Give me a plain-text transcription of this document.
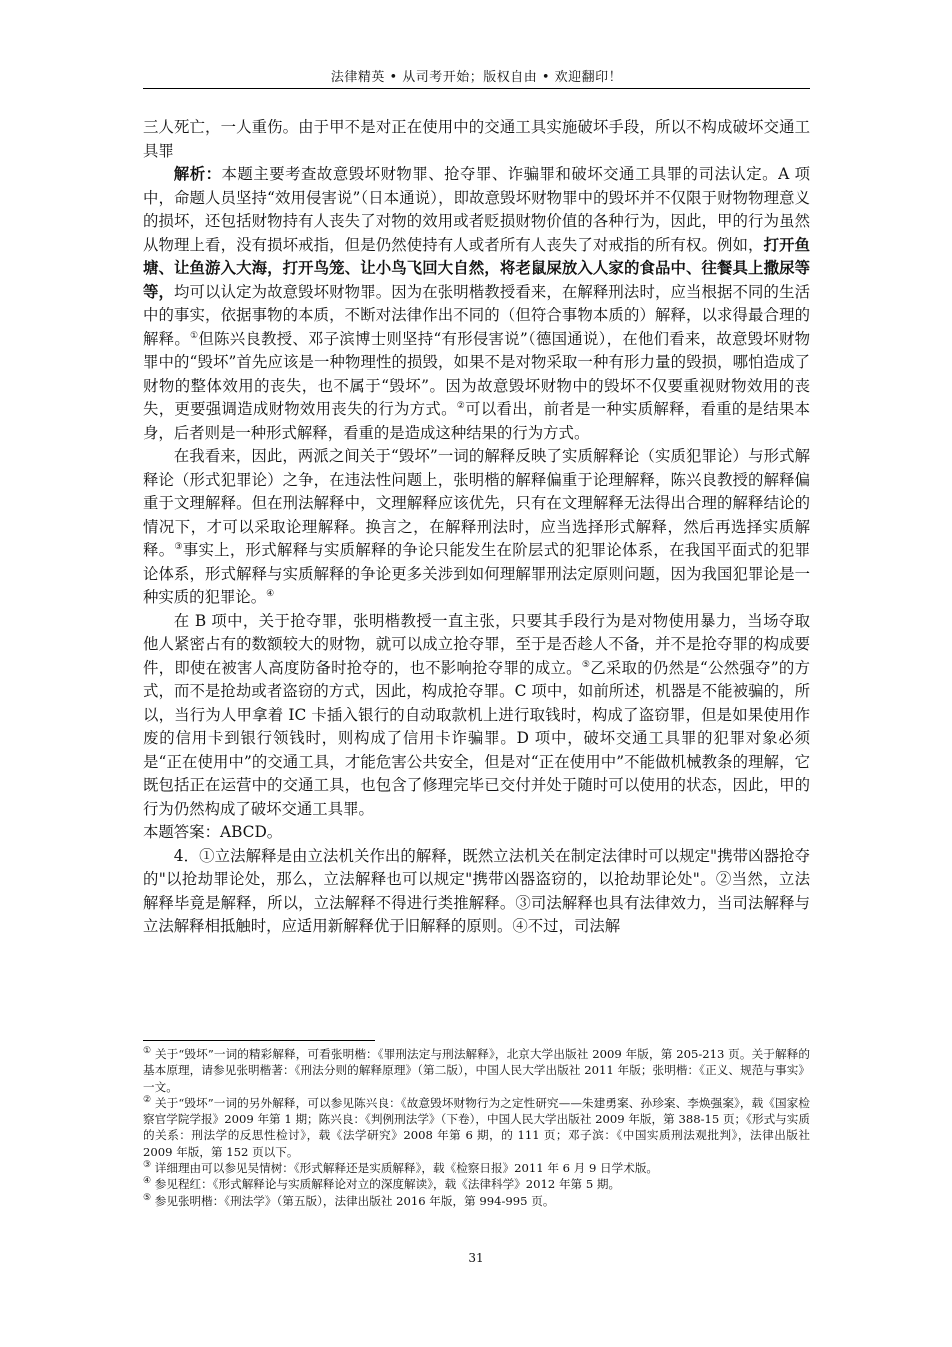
法律精英 • 从司考开始；版权自由 • 欢迎翻印！

三人死亡，一人重伤。由于甲不是对正在使用中的交通工具实施破坏手段，所以不构成破坏交通工具罪

解析：本题主要考查故意毁坏财物罪、抢夺罪、诈骗罪和破坏交通工具罪的司法认定。A 项中，命题人员坚持“效用侵害说”（日本通说），即故意毁坏财物罪中的毁坏并不仅限于财物物理意义的损坏，还包括财物持有人丧失了对物的效用或者贬损财物价值的各种行为，因此，甲的行为虽然从物理上看，没有损坏戒指，但是仍然使持有人或者所有人丧失了对戒指的所有权。例如，打开鱼塘、让鱼游入大海，打开鸟笼、让小鸟飞回大自然，将老鼠屎放入人家的食品中、往餐具上撒尿等等，均可以认定为故意毁坏财物罪。因为在张明楷教授看来，在解释刑法时，应当根据不同的生活中的事实，依据事物的本质，不断对法律作出不同的（但符合事物本质的）解释，以求得最合理的解释。①但陈兴良教授、邓子滨博士则坚持“有形侵害说”（德国通说），在他们看来，故意毁坏财物罪中的“毁坏”首先应该是一种物理性的损毁，如果不是对物采取一种有形力量的毁损，哪怕造成了财物的整体效用的丧失，也不属于“毁坏”。因为故意毁坏财物中的毁坏不仅要重视财物效用的丧失，更要强调造成财物效用丧失的行为方式。②可以看出，前者是一种实质解释，看重的是结果本身，后者则是一种形式解释，看重的是造成这种结果的行为方式。

在我看来，因此，两派之间关于“毁坏”一词的解释反映了实质解释论（实质犯罪论）与形式解释论（形式犯罪论）之争，在违法性问题上，张明楷的解释偏重于论理解释，陈兴良教授的解释偏重于文理解释。但在刑法解释中，文理解释应该优先，只有在文理解释无法得出合理的解释结论的情况下，才可以采取论理解释。换言之，在解释刑法时，应当选择形式解释，然后再选择实质解释。③事实上，形式解释与实质解释的争论只能发生在阶层式的犯罪论体系，在我国平面式的犯罪论体系，形式解释与实质解释的争论更多关涉到如何理解罪刑法定原则问题，因为我国犯罪论是一种实质的犯罪论。④

在 B 项中，关于抢夺罪，张明楷教授一直主张，只要其手段行为是对物使用暴力，当场夺取他人紧密占有的数额较大的财物，就可以成立抢夺罪，至于是否趁人不备，并不是抢夺罪的构成要件，即使在被害人高度防备时抢夺的，也不影响抢夺罪的成立。⑤乙采取的仍然是“公然强夺”的方式，而不是抢劫或者盗窃的方式，因此，构成抢夺罪。C 项中，如前所述，机器是不能被骗的，所以，当行为人甲拿着 IC 卡插入银行的自动取款机上进行取钱时，构成了盗窃罪，但是如果使用作废的信用卡到银行领钱时，则构成了信用卡诈骗罪。D 项中，破坏交通工具罪的犯罪对象必须是“正在使用中”的交通工具，才能危害公共安全，但是对“正在使用中”不能做机械教条的理解，它既包括正在运营中的交通工具，也包含了修理完毕已交付并处于随时可以使用的状态，因此，甲的行为仍然构成了破坏交通工具罪。

本题答案：ABCD。

4．①立法解释是由立法机关作出的解释，既然立法机关在制定法律时可以规定"携带凶器抢夺的"以抢劫罪论处，那么，立法解释也可以规定"携带凶器盗窃的，以抢劫罪论处"。②当然，立法解释毕竟是解释，所以，立法解释不得进行类推解释。③司法解释也具有法律效力，当司法解释与立法解释相抵触时，应适用新解释优于旧解释的原则。④不过，司法解

① 关于“毁坏”一词的精彩解释，可看张明楷：《罪刑法定与刑法解释》，北京大学出版社 2009 年版，第 205-213 页。关于解释的基本原理，请参见张明楷著：《刑法分则的解释原理》（第二版），中国人民大学出版社 2011 年版；张明楷：《正义、规范与事实》一文。

② 关于“毁坏”一词的另外解释，可以参见陈兴良：《故意毁坏财物行为之定性研究——朱建勇案、孙珍案、李焕强案》，载《国家检察官学院学报》2009 年第 1 期；陈兴良：《判例刑法学》（下卷），中国人民大学出版社 2009 年版，第 388-15 页；《形式与实质的关系：刑法学的反思性检讨》，载《法学研究》2008 年第 6 期，的 111 页；邓子滨：《中国实质刑法观批判》，法律出版社 2009 年版，第 152 页以下。

③ 详细理由可以参见吴情树：《形式解释还是实质解释》，载《检察日报》2011 年 6 月 9 日学术版。

④ 参见程红：《形式解释论与实质解释论对立的深度解读》，载《法律科学》2012 年第 5 期。

⑤ 参见张明楷：《刑法学》（第五版），法律出版社 2016 年版，第 994-995 页。

31
